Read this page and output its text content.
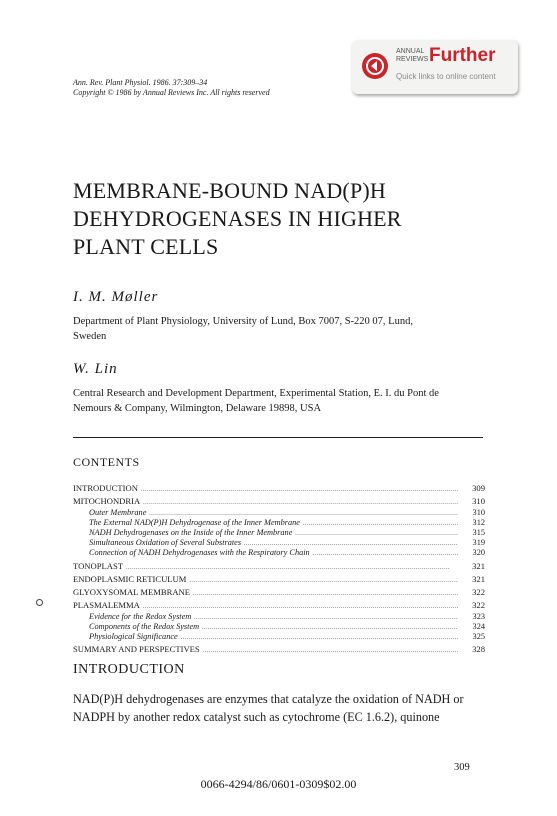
Ann. Rev. Plant Physiol. 1986. 37:309–34
Copyright © 1986 by Annual Reviews Inc. All rights reserved
ANNUAL
REVIEWS Further
Quick links to online content
MEMBRANE-BOUND NAD(P)H
DEHYDROGENASES IN HIGHER
PLANT CELLS
I. M. Møller
Department of Plant Physiology, University of Lund, Box 7007, S-220 07, Lund,
Sweden
W. Lin
Central Research and Development Department, Experimental Station, E. I. du Pont de
Nemours & Company, Wilmington, Delaware 19898, USA
CONTENTS
INTRODUCTION . . .	309
MITOCHONDRIA . . .	310
Outer Membrane . . .	310
The External NAD(P)H Dehydrogenase of the Inner Membrane . . .	312
NADH Dehydrogenases on the Inside of the Inner Membrane . . .	315
Simultaneous Oxidation of Several Substrates . . .	319
Connection of NADH Dehydrogenases with the Respiratory Chain . . .	320
TONOPLAST . . .	321
ENDOPLASMIC RETICULUM . . .	321
GLYOXYSOMAL MEMBRANE . . .	322
PLASMALEMMA . . .	322
Evidence for the Redox System . . .	323
Components of the Redox System . . .	324
Physiological Significance . . .	325
SUMMARY AND PERSPECTIVES . . .	328
INTRODUCTION
NAD(P)H dehydrogenases are enzymes that catalyze the oxidation of NADH or
NADPH by another redox catalyst such as cytochrome (EC 1.6.2), quinone
309
0066-4294/86/0601-0309$02.00
